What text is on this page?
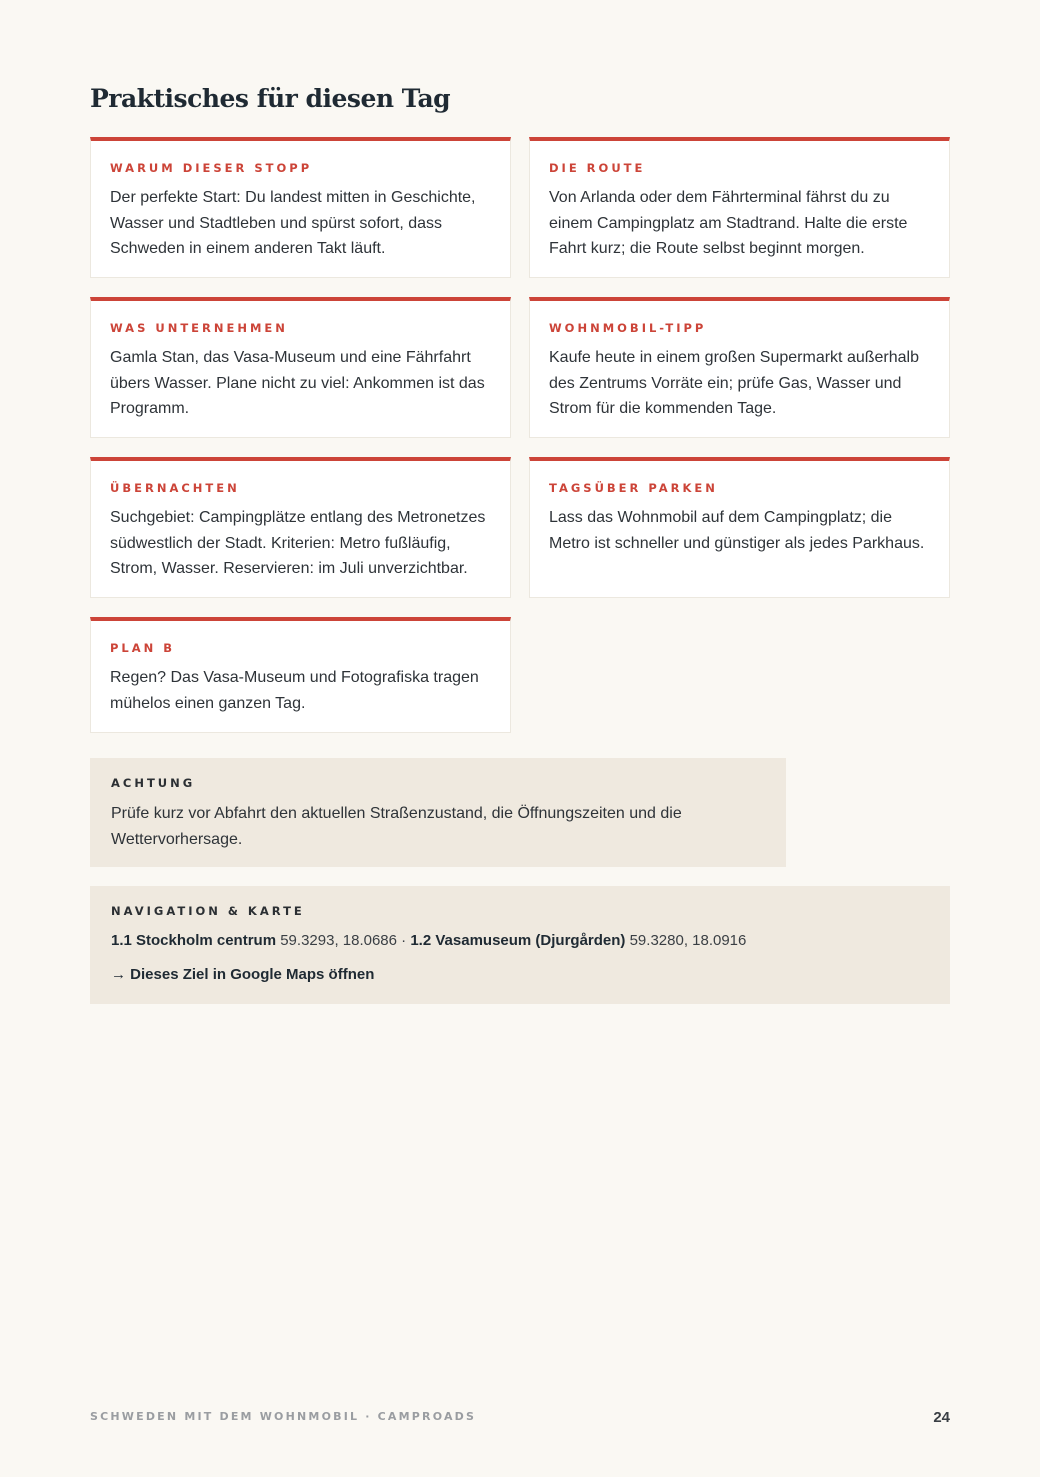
Praktisches für diesen Tag
WARUM DIESER STOPP
Der perfekte Start: Du landest mitten in Geschichte, Wasser und Stadtleben und spürst sofort, dass Schweden in einem anderen Takt läuft.
DIE ROUTE
Von Arlanda oder dem Fährterminal fährst du zu einem Campingplatz am Stadtrand. Halte die erste Fahrt kurz; die Route selbst beginnt morgen.
WAS UNTERNEHMEN
Gamla Stan, das Vasa-Museum und eine Fährfahrt übers Wasser. Plane nicht zu viel: Ankommen ist das Programm.
WOHNMOBIL-TIPP
Kaufe heute in einem großen Supermarkt außerhalb des Zentrums Vorräte ein; prüfe Gas, Wasser und Strom für die kommenden Tage.
ÜBERNACHTEN
Suchgebiet: Campingplätze entlang des Metronetzes südwestlich der Stadt. Kriterien: Metro fußläufig, Strom, Wasser. Reservieren: im Juli unverzichtbar.
TAGSÜBER PARKEN
Lass das Wohnmobil auf dem Campingplatz; die Metro ist schneller und günstiger als jedes Parkhaus.
PLAN B
Regen? Das Vasa-Museum und Fotografiska tragen mühelos einen ganzen Tag.
ACHTUNG
Prüfe kurz vor Abfahrt den aktuellen Straßenzustand, die Öffnungszeiten und die Wettervorhersage.
NAVIGATION & KARTE
1.1 Stockholm centrum 59.3293, 18.0686 · 1.2 Vasamuseum (Djurgården) 59.3280, 18.0916
→ Dieses Ziel in Google Maps öffnen
SCHWEDEN MIT DEM WOHNMOBIL · CAMPROADS	24
